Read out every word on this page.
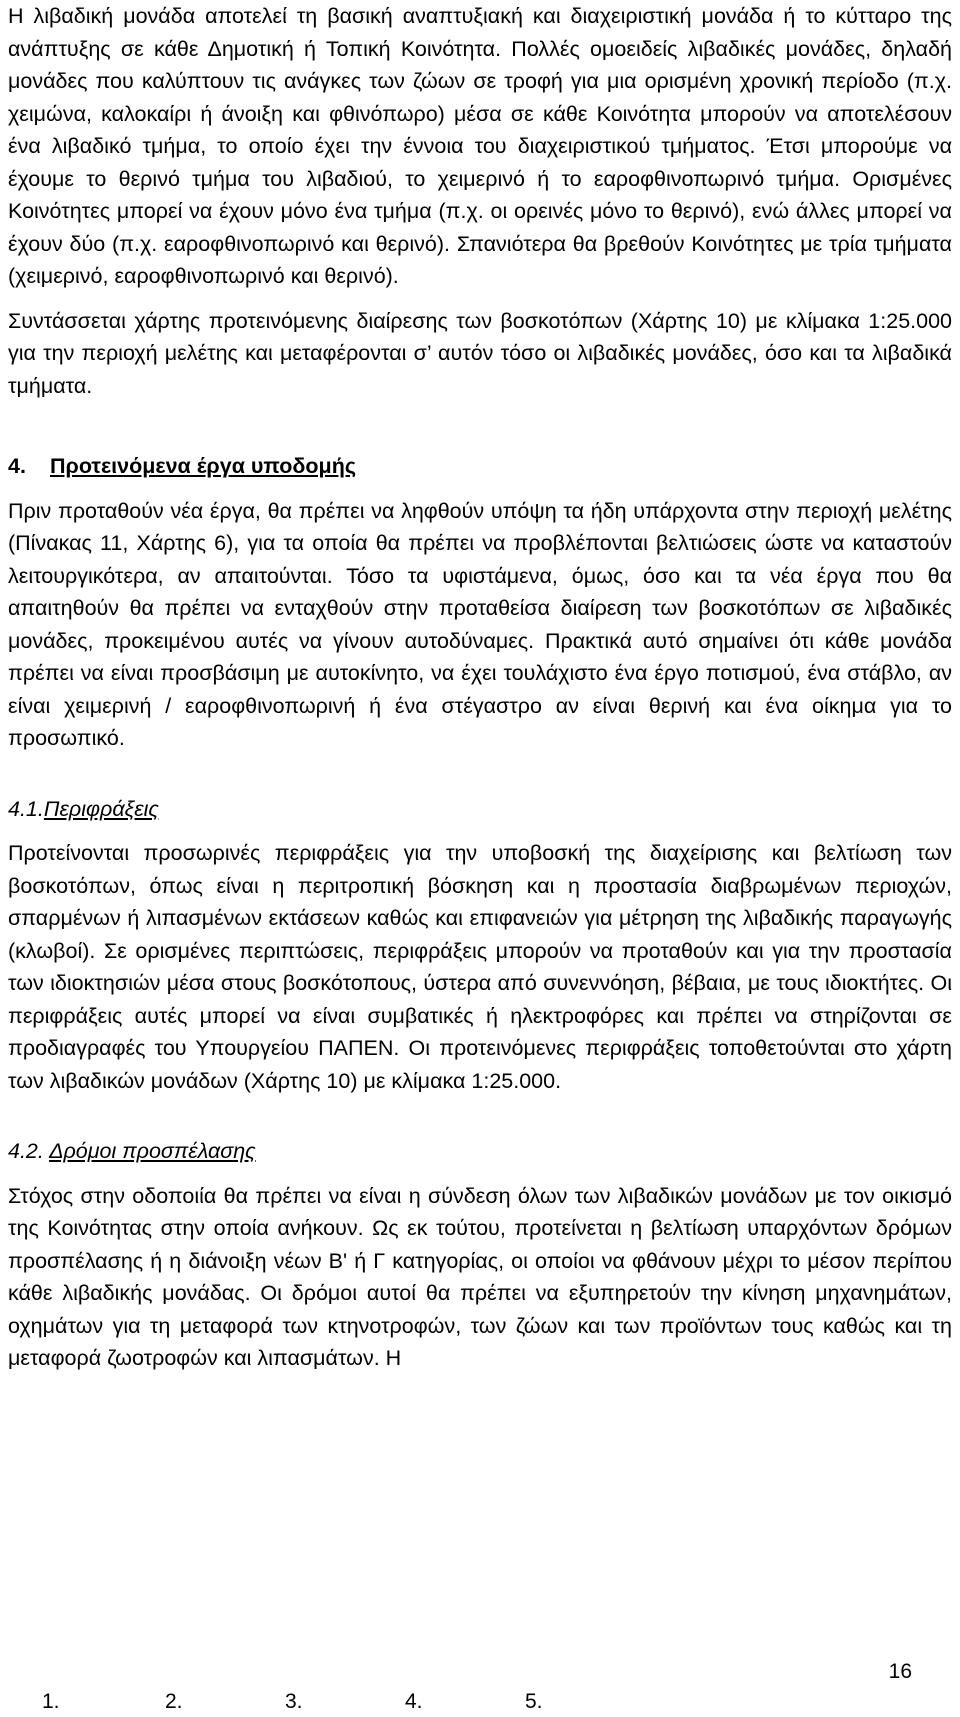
Η λιβαδική μονάδα αποτελεί τη βασική αναπτυξιακή και διαχειριστική μονάδα ή το κύτταρο της ανάπτυξης σε κάθε Δημοτική ή Τοπική Κοινότητα. Πολλές ομοειδείς λιβαδικές μονάδες, δηλαδή μονάδες που καλύπτουν τις ανάγκες των ζώων σε τροφή για μια ορισμένη χρονική περίοδο (π.χ. χειμώνα, καλοκαίρι ή άνοιξη και φθινόπωρο) μέσα σε κάθε Κοινότητα μπορούν να αποτελέσουν ένα λιβαδικό τμήμα, το οποίο έχει την έννοια του διαχειριστικού τμήματος. Έτσι μπορούμε να έχουμε το θερινό τμήμα του λιβαδιού, το χειμερινό ή το εαροφθινοπωρινό τμήμα. Ορισμένες Κοινότητες μπορεί να έχουν μόνο ένα τμήμα (π.χ. οι ορεινές μόνο το θερινό), ενώ άλλες μπορεί να έχουν δύο (π.χ. εαροφθινοπωρινό και θερινό). Σπανιότερα θα βρεθούν Κοινότητες με τρία τμήματα (χειμερινό, εαροφθινοπωρινό και θερινό).

Συντάσσεται χάρτης προτεινόμενης διαίρεσης των βοσκοτόπων (Χάρτης 10) με κλίμακα 1:25.000 για την περιοχή μελέτης και μεταφέρονται σ’ αυτόν τόσο οι λιβαδικές μονάδες, όσο και τα λιβαδικά τμήματα.

4.	Προτεινόμενα έργα υποδομής

Πριν προταθούν νέα έργα, θα πρέπει να ληφθούν υπόψη τα ήδη υπάρχοντα στην περιοχή μελέτης (Πίνακας 11, Χάρτης 6), για τα οποία θα πρέπει να προβλέπονται βελτιώσεις ώστε να καταστούν λειτουργικότερα, αν απαιτούνται. Τόσο τα υφιστάμενα, όμως, όσο και τα νέα έργα που θα απαιτηθούν θα πρέπει να ενταχθούν στην προταθείσα διαίρεση των βοσκοτόπων σε λιβαδικές μονάδες, προκειμένου αυτές να γίνουν αυτοδύναμες. Πρακτικά αυτό σημαίνει ότι κάθε μονάδα πρέπει να είναι προσβάσιμη με αυτοκίνητο, να έχει τουλάχιστο ένα έργο ποτισμού, ένα στάβλο, αν είναι χειμερινή / εαροφθινοπωρινή ή ένα στέγαστρο αν είναι θερινή και ένα οίκημα για το προσωπικό.

4.1.Περιφράξεις

Προτείνονται προσωρινές περιφράξεις για την υποβοσκή της διαχείρισης και βελτίωση των βοσκοτόπων, όπως είναι η περιτροπική βόσκηση και η προστασία διαβρωμένων περιοχών, σπαρμένων ή λιπασμένων εκτάσεων καθώς και επιφανειών για μέτρηση της λιβαδικής παραγωγής (κλωβοί). Σε ορισμένες περιπτώσεις, περιφράξεις μπορούν να προταθούν και για την προστασία των ιδιοκτησιών μέσα στους βοσκότοπους, ύστερα από συνεννόηση, βέβαια, με τους ιδιοκτήτες. Οι περιφράξεις αυτές μπορεί να είναι συμβατικές ή ηλεκτροφόρες και πρέπει να στηρίζονται σε προδιαγραφές του Υπουργείου ΠΑΠΕΝ. Οι προτεινόμενες περιφράξεις τοποθετούνται στο χάρτη των λιβαδικών μονάδων (Χάρτης 10) με κλίμακα 1:25.000.

4.2. Δρόμοι προσπέλασης

Στόχος στην οδοποιία θα πρέπει να είναι η σύνδεση όλων των λιβαδικών μονάδων με τον οικισμό της Κοινότητας στην οποία ανήκουν. Ως εκ τούτου, προτείνεται η βελτίωση υπαρχόντων δρόμων προσπέλασης ή η διάνοιξη νέων Β' ή Γ κατηγορίας, οι οποίοι να φθάνουν μέχρι το μέσον περίπου κάθε λιβαδικής μονάδας. Οι δρόμοι αυτοί θα πρέπει να εξυπηρετούν την κίνηση μηχανημάτων, οχημάτων για τη μεταφορά των κτηνοτροφών, των ζώων και των προϊόντων τους καθώς και τη μεταφορά ζωοτροφών και λιπασμάτων. Η

16
1.	2.	3.	4.	5.
